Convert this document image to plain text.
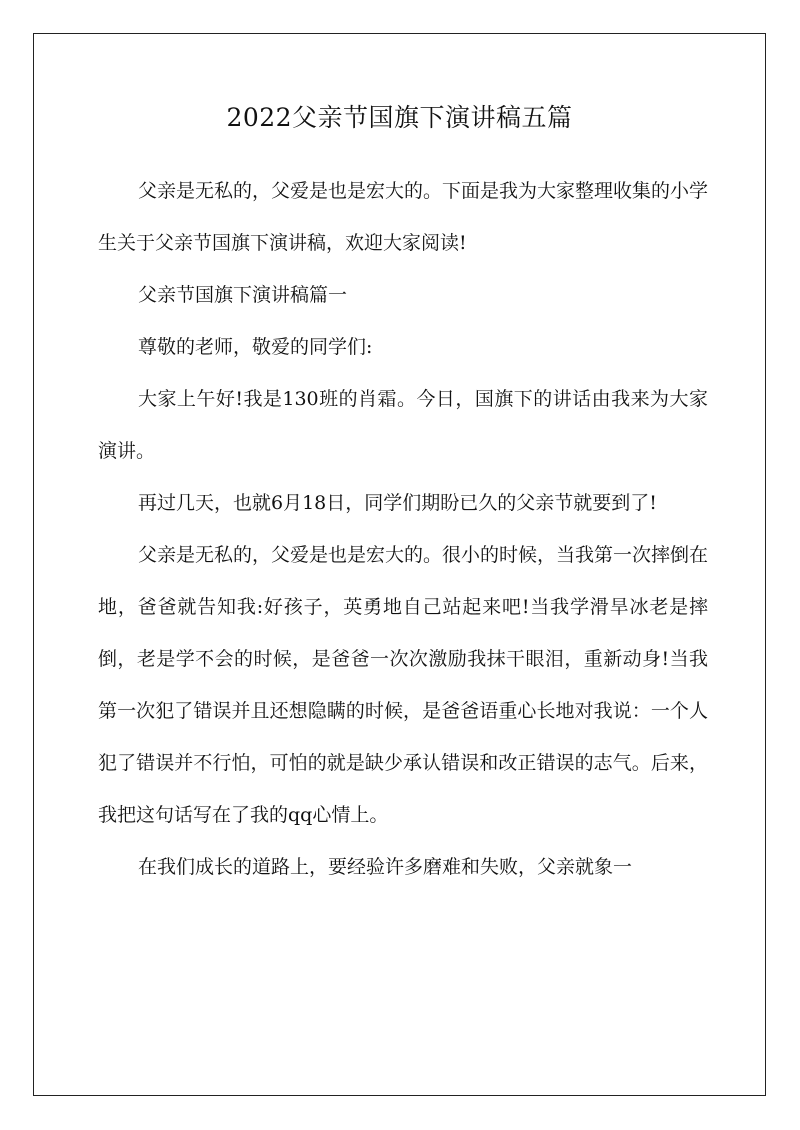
2022父亲节国旗下演讲稿五篇

父亲是无私的，父爱是也是宏大的。下面是我为大家整理收集的小学生关于父亲节国旗下演讲稿，欢迎大家阅读!

父亲节国旗下演讲稿篇一

尊敬的老师，敬爱的同学们:

大家上午好!我是130班的肖霜。今日，国旗下的讲话由我来为大家演讲。

再过几天，也就6月18日，同学们期盼已久的父亲节就要到了!

父亲是无私的，父爱是也是宏大的。很小的时候，当我第一次摔倒在地，爸爸就告知我:好孩子，英勇地自己站起来吧!当我学滑旱冰老是摔倒，老是学不会的时候，是爸爸一次次激励我抹干眼泪，重新动身!当我第一次犯了错误并且还想隐瞒的时候，是爸爸语重心长地对我说：一个人犯了错误并不行怕，可怕的就是缺少承认错误和改正错误的志气。后来，我把这句话写在了我的qq心情上。

在我们成长的道路上，要经验许多磨难和失败，父亲就象一
